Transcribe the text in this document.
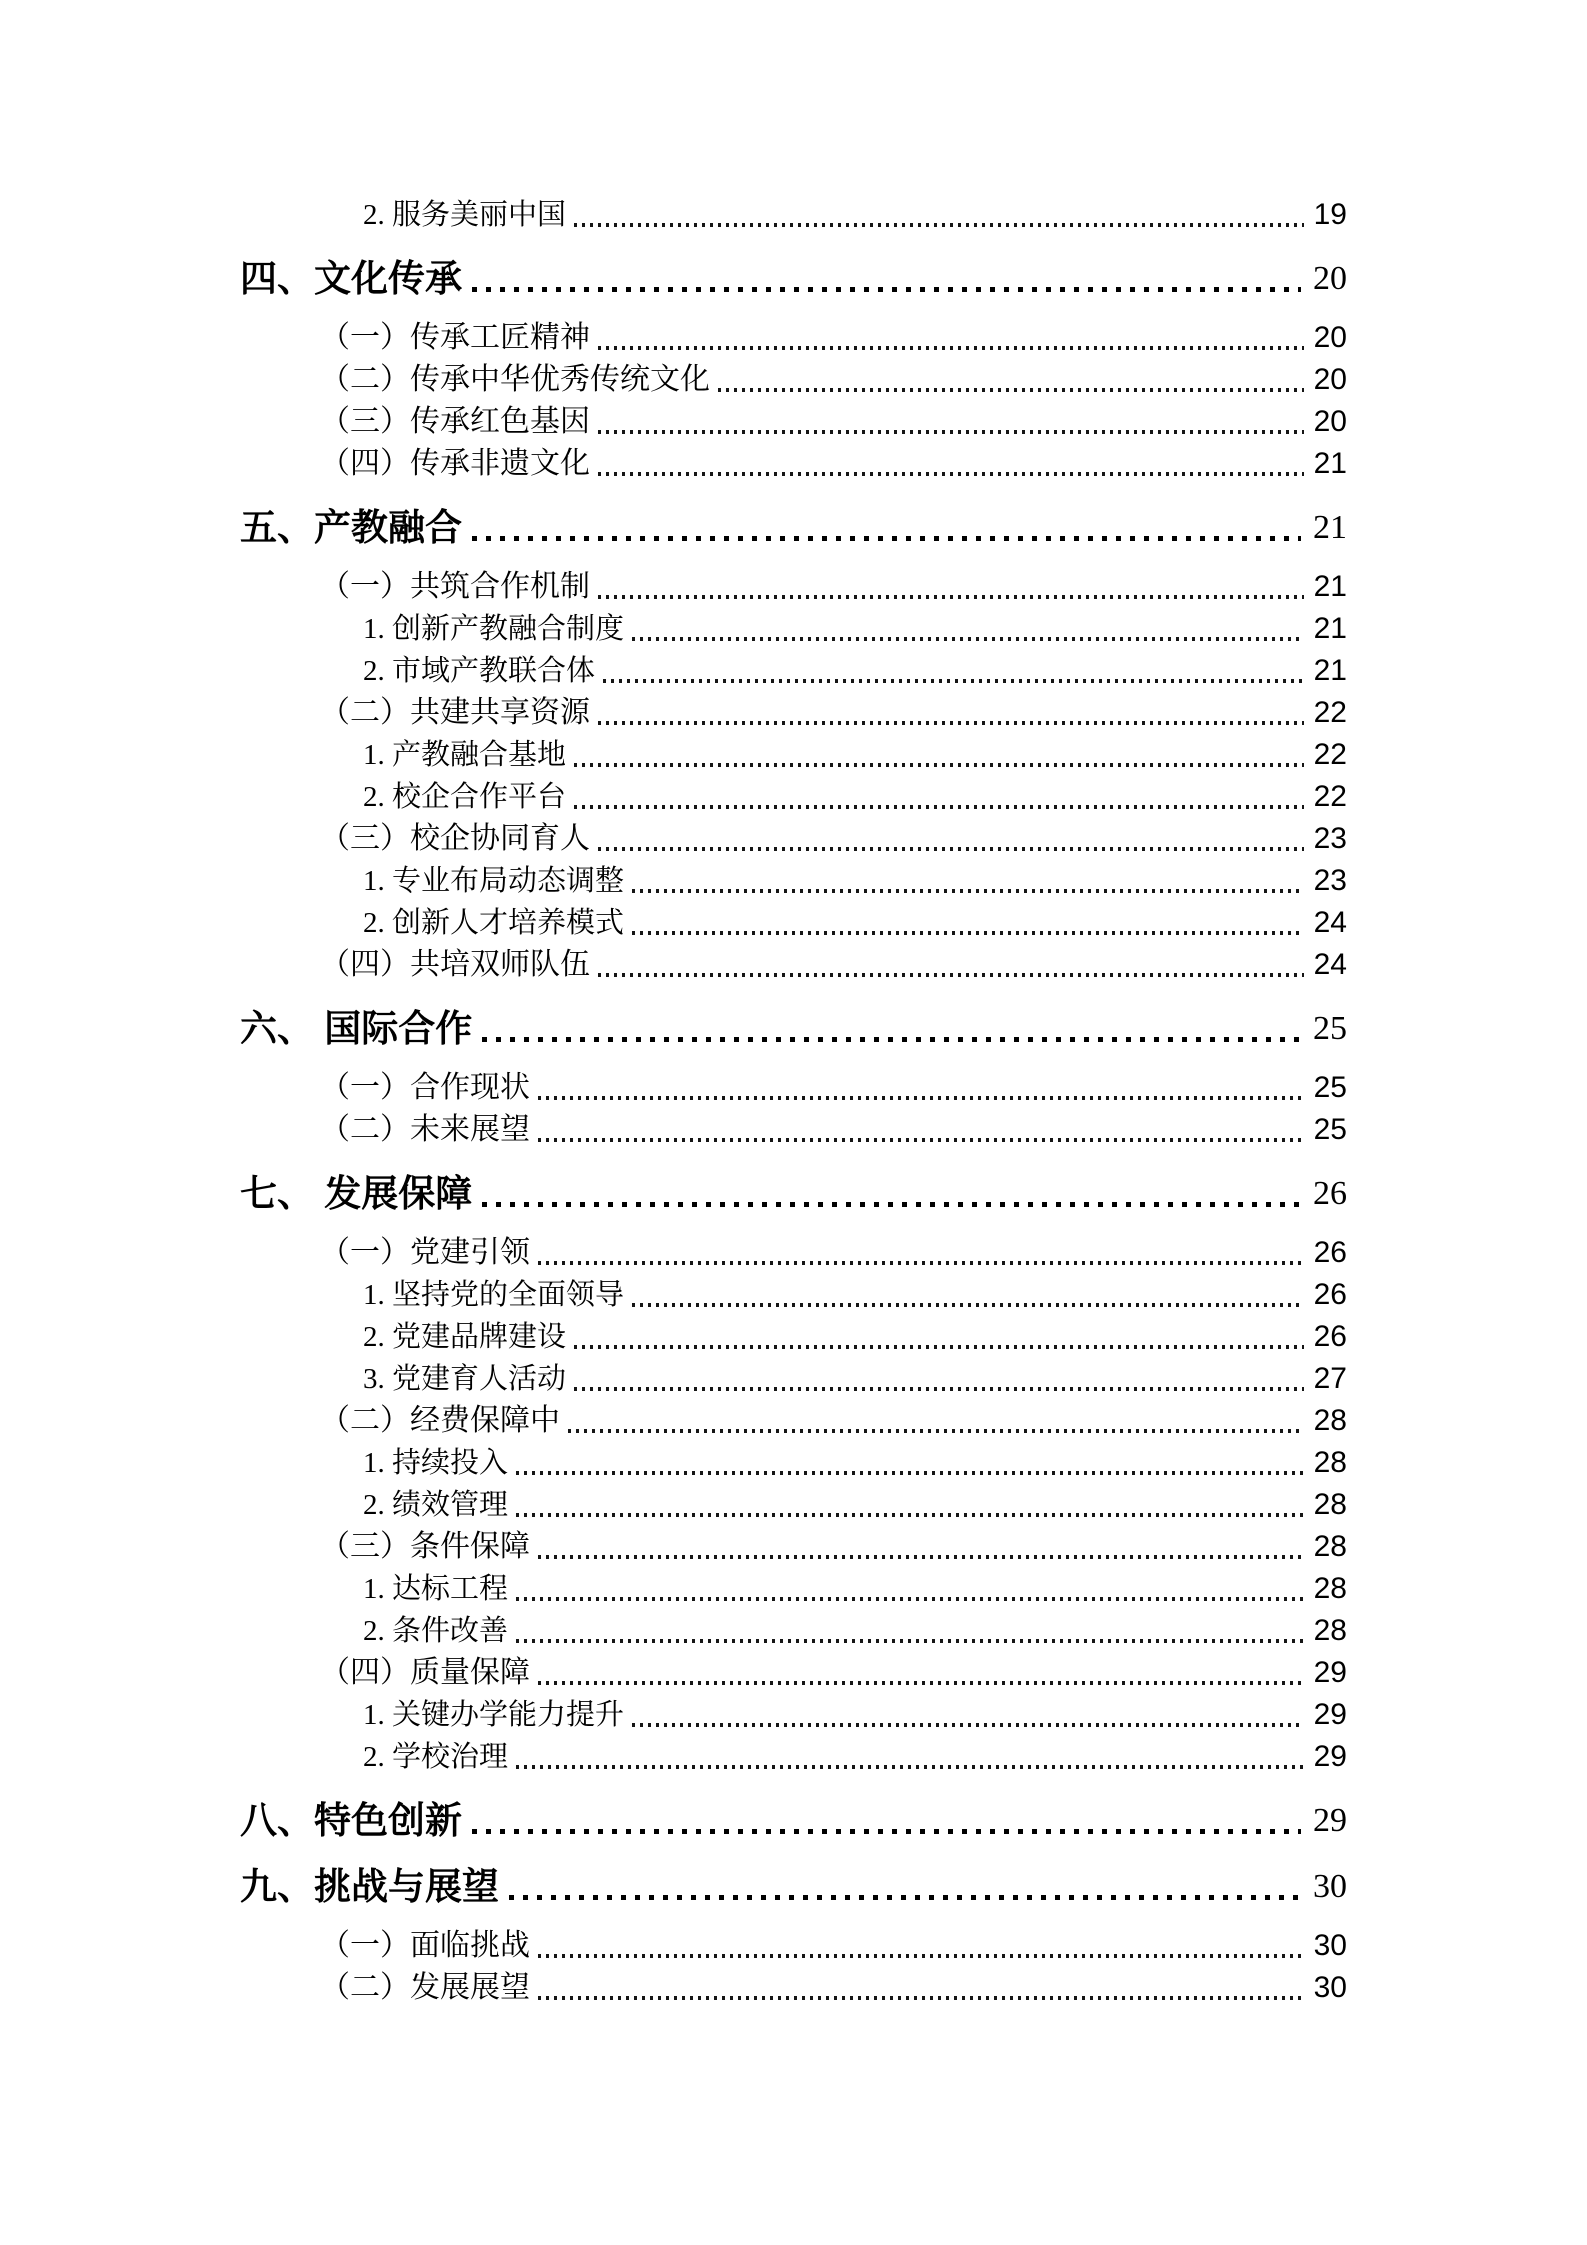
2. 服务美丽中国	19
四、文化传承	20
（一）传承工匠精神	20
（二）传承中华优秀传统文化	20
（三）传承红色基因	20
（四）传承非遗文化	21
五、产教融合	21
（一）共筑合作机制	21
1. 创新产教融合制度	21
2. 市域产教联合体	21
（二）共建共享资源	22
1. 产教融合基地	22
2. 校企合作平台	22
（三）校企协同育人	23
1. 专业布局动态调整	23
2. 创新人才培养模式	24
（四）共培双师队伍	24
六、 国际合作	25
（一）合作现状	25
（二）未来展望	25
七、 发展保障	26
（一）党建引领	26
1. 坚持党的全面领导	26
2. 党建品牌建设	26
3. 党建育人活动	27
（二）经费保障中	28
1. 持续投入	28
2. 绩效管理	28
（三）条件保障	28
1. 达标工程	28
2. 条件改善	28
（四）质量保障	29
1. 关键办学能力提升	29
2. 学校治理	29
八、特色创新	29
九、挑战与展望	30
（一）面临挑战	30
（二）发展展望	30
